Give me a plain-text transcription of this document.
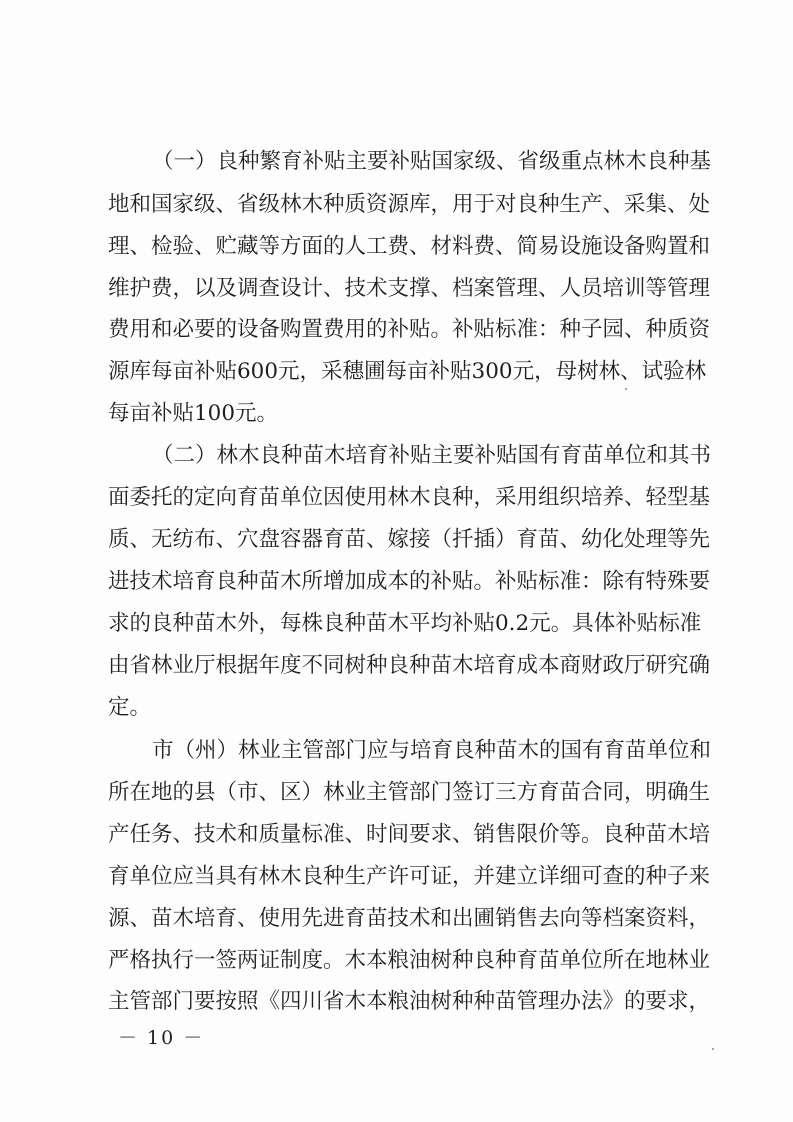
（一）良种繁育补贴主要补贴国家级、省级重点林木良种基
地和国家级、省级林木种质资源库，用于对良种生产、采集、处
理、检验、贮藏等方面的人工费、材料费、简易设施设备购置和
维护费，以及调查设计、技术支撑、档案管理、人员培训等管理
费用和必要的设备购置费用的补贴。补贴标准：种子园、种质资
源库每亩补贴600元，采穗圃每亩补贴300元，母树林、试验林
每亩补贴100元。
（二）林木良种苗木培育补贴主要补贴国有育苗单位和其书
面委托的定向育苗单位因使用林木良种，采用组织培养、轻型基
质、无纺布、穴盘容器育苗、嫁接（扦插）育苗、幼化处理等先
进技术培育良种苗木所增加成本的补贴。补贴标准：除有特殊要
求的良种苗木外，每株良种苗木平均补贴0.2元。具体补贴标准
由省林业厅根据年度不同树种良种苗木培育成本商财政厅研究确
定。
市（州）林业主管部门应与培育良种苗木的国有育苗单位和
所在地的县（市、区）林业主管部门签订三方育苗合同，明确生
产任务、技术和质量标准、时间要求、销售限价等。良种苗木培
育单位应当具有林木良种生产许可证，并建立详细可查的种子来
源、苗木培育、使用先进育苗技术和出圃销售去向等档案资料，
严格执行一签两证制度。木本粮油树种良种育苗单位所在地林业
主管部门要按照《四川省木本粮油树种种苗管理办法》的要求，
－ 10 －
